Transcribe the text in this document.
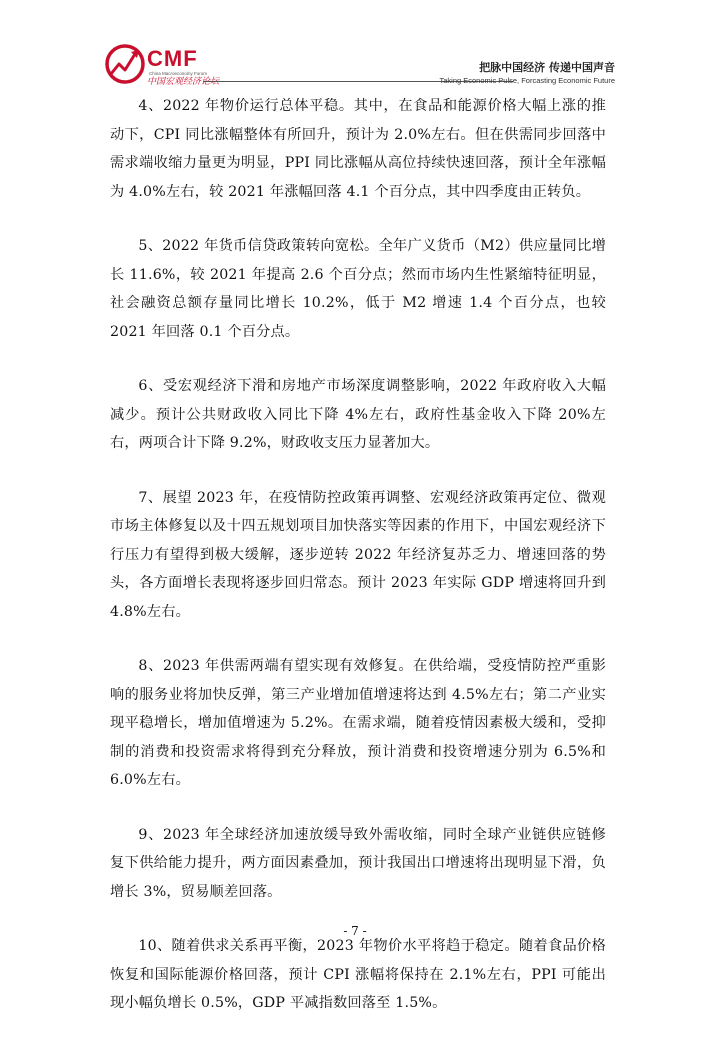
CMF
China Macroeconomy Forum
中国宏观经济论坛
把脉中国经济 传递中国声音
Taking Economic Pulse, Forcasting Economic Future

4、2022 年物价运行总体平稳。其中，在食品和能源价格大幅上涨的推动下，CPI 同比涨幅整体有所回升，预计为 2.0%左右。但在供需同步回落中需求端收缩力量更为明显，PPI 同比涨幅从高位持续快速回落，预计全年涨幅为 4.0%左右，较 2021 年涨幅回落 4.1 个百分点，其中四季度由正转负。

5、2022 年货币信贷政策转向宽松。全年广义货币（M2）供应量同比增长 11.6%，较 2021 年提高 2.6 个百分点；然而市场内生性紧缩特征明显，社会融资总额存量同比增长 10.2%，低于 M2 增速 1.4 个百分点，也较 2021 年回落 0.1 个百分点。

6、受宏观经济下滑和房地产市场深度调整影响，2022 年政府收入大幅减少。预计公共财政收入同比下降 4%左右，政府性基金收入下降 20%左右，两项合计下降 9.2%，财政收支压力显著加大。

7、展望 2023 年，在疫情防控政策再调整、宏观经济政策再定位、微观市场主体修复以及十四五规划项目加快落实等因素的作用下，中国宏观经济下行压力有望得到极大缓解，逐步逆转 2022 年经济复苏乏力、增速回落的势头，各方面增长表现将逐步回归常态。预计 2023 年实际 GDP 增速将回升到 4.8%左右。

8、2023 年供需两端有望实现有效修复。在供给端，受疫情防控严重影响的服务业将加快反弹，第三产业增加值增速将达到 4.5%左右；第二产业实现平稳增长，增加值增速为 5.2%。在需求端，随着疫情因素极大缓和，受抑制的消费和投资需求将得到充分释放，预计消费和投资增速分别为 6.5%和 6.0%左右。

9、2023 年全球经济加速放缓导致外需收缩，同时全球产业链供应链修复下供给能力提升，两方面因素叠加，预计我国出口增速将出现明显下滑，负增长 3%，贸易顺差回落。

10、随着供求关系再平衡，2023 年物价水平将趋于稳定。随着食品价格恢复和国际能源价格回落，预计 CPI 涨幅将保持在 2.1%左右，PPI 可能出现小幅负增长 0.5%，GDP 平减指数回落至 1.5%。

- 7 -
